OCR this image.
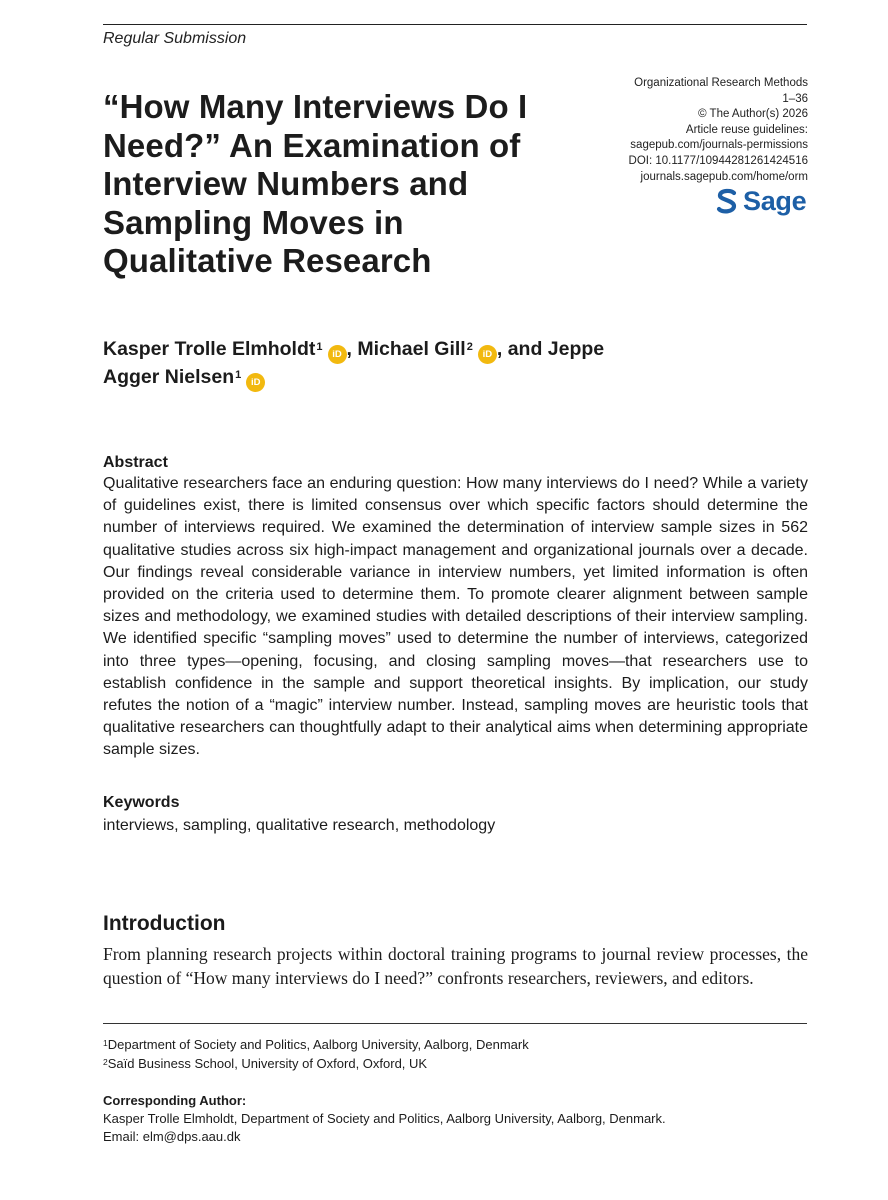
Regular Submission
“How Many Interviews Do I
Need?” An Examination of
Interview Numbers and
Sampling Moves in
Qualitative Research
Organizational Research Methods
1–36
© The Author(s) 2026
Article reuse guidelines:
sagepub.com/journals-permissions
DOI: 10.1177/10944281261424516
journals.sagepub.com/home/orm
Sage
Kasper Trolle Elmholdt$^1$iD , Michael Gill$^2$iD , and Jeppe
Agger Nielsen$^1$iD
Abstract
Qualitative researchers face an enduring question: How many interviews do I need? While a variety of guidelines exist, there is limited consensus over which specific factors should determine the number of interviews required. We examined the determination of interview sample sizes in 562 qualitative studies across six high-impact management and organizational journals over a decade. Our findings reveal considerable variance in interview numbers, yet limited information is often provided on the criteria used to determine them. To promote clearer alignment between sample sizes and methodology, we examined studies with detailed descriptions of their interview sampling. We identified specific “sampling moves” used to determine the number of interviews, categorized into three types—opening, focusing, and closing sampling moves—that researchers use to establish confidence in the sample and support theoretical insights. By implication, our study refutes the notion of a “magic” interview number. Instead, sampling moves are heuristic tools that qualitative researchers can thoughtfully adapt to their analytical aims when determining appropriate sample sizes.
Keywords
interviews, sampling, qualitative research, methodology
Introduction
From planning research projects within doctoral training programs to journal review processes, the question of “How many interviews do I need?” confronts researchers, reviewers, and editors.
$^1$Department of Society and Politics, Aalborg University, Aalborg, Denmark
$^2$Saïd Business School, University of Oxford, Oxford, UK
Corresponding Author:
Kasper Trolle Elmholdt, Department of Society and Politics, Aalborg University, Aalborg, Denmark.
Email: elm@dps.aau.dk
